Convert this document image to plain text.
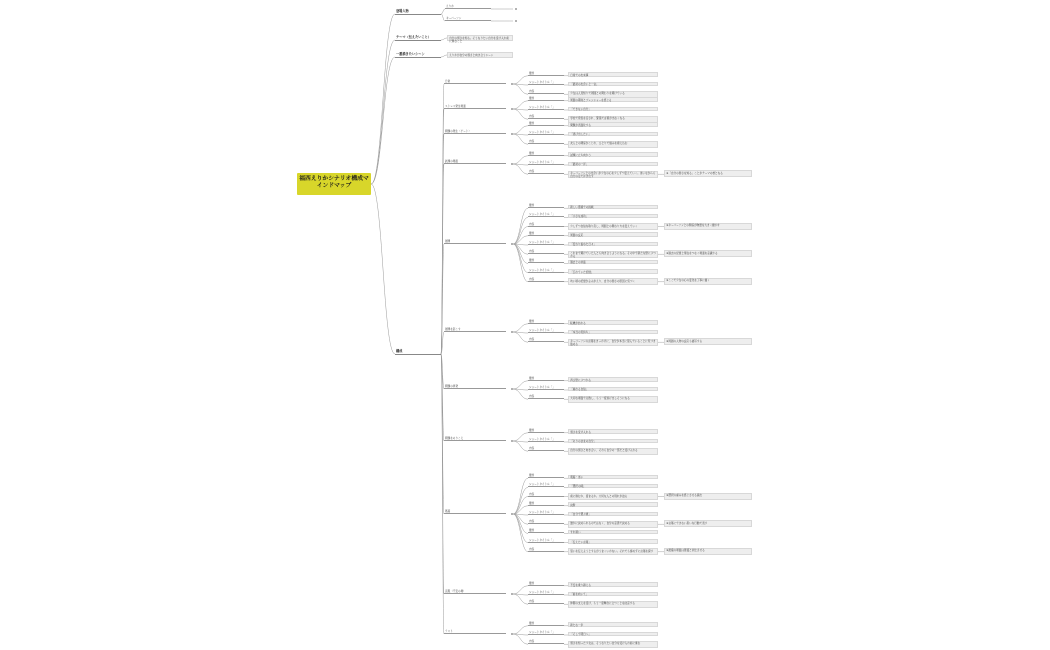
福西えりかシナリオ構成マインドマップ
登場人物
テーマ（伝えたいこと）	自分の弱さを知る。そうなりたい自分を受け入れ前に進むこと
一番描きたいシーン	えりかが自分の弱さと向き合うシーン
構成
えりか
キーパーソン
日常
要約
日常での出来事
ショートタイトル「」
「最初の出会いと一言」
内容
少女は人見知りで周囲との関わりを避けている
ストレス発生場面
要約
周囲の期待とプレッシャーを感じる
ショートタイトル「」
「できない自分」
内容
学校で発表を任され、緊張で言葉が出なくなる
問題の発生（ゲート）
要約
問題が表面化する
ショートタイトル「」
「逃げ出したい」
内容
友人との関係がこじれ、ひとりで悩みを抱え込む
試練の場面
要約
試練に立ち向かう
ショートタイトル「」
「最初の一歩」
内容
キーパーソンとの出会いが少女の心を少しずつ変えていく。迷いながらも自分の足で歩き出す
※「自分の弱さを知る」ことがテーマの核となる
展開
要約
新しい環境での挑戦
ショートタイトル「」
「小さな成功」
内容
少しずつ自信を取り戻し、周囲との関わり方を変えていく	※キーパーソンとの関係が物語を大きく動かす
要約
周囲の反応
ショートタイトル「」
「変わり始めた日々」
内容
これまで避けていた人とも向き合うようになる。その中で新たな壁にぶつかる
※過去の記憶と現在をつなぐ場面を意識する
要約
過去との対話
ショートタイトル「」
「忘れていた記憶」
内容
幼い頃の記憶がよみがえり、自分の弱さの原因に気づく	※ここで少女の心の変化を丁寧に描く
展開を起こす
要約
転機が訪れる
ショートタイトル「」
「本当の気持ち」
内容
キーパーソンの言葉をきっかけに、自分が本当に望んでいることに気づき始める
※周囲の人物の反応も描写する
問題の再発
要約
再び壁にぶつかる
ショートタイトル「」
「崩れる自信」
内容
大切な場面で失敗し、もう一度逃げ出しそうになる
問題をのりこえ
要約
弱さを受け入れる
ショートタイトル「」
「ありのままの自分」
内容
自分の弱さと向き合い、それも自分の一部だと受け入れる
葛藤
要約
葛藤・迷い
ショートタイトル「」
「選択の時」
内容
前に進むか、留まるか。大切な人との別れが迫る	※選択の重みを感じさせる演出
要約
決断
ショートタイトル「」
「自分で選ぶ道」
内容
誰かに決められるのではなく、自分の意思で決める	※言葉にできない思いを行動で表す
要約
すれ違い
ショートタイトル「」
「伝えたい言葉」
内容
思いを伝えようとするがうまくいかない。それでも諦めずに言葉を探す	※最後の場面は冒頭と対比させる
克服（不安の場）
要約
不安を乗り越える
ショートタイトル「」
「前を向いて」
内容
仲間の支えを受け、もう一度舞台に立つことを決意する
ラスト
要約
新たな一歩
ショートタイトル「」
「そして明日へ」
内容
弱さを知った少女は、そうなりたい自分を受け入れ前に進む
